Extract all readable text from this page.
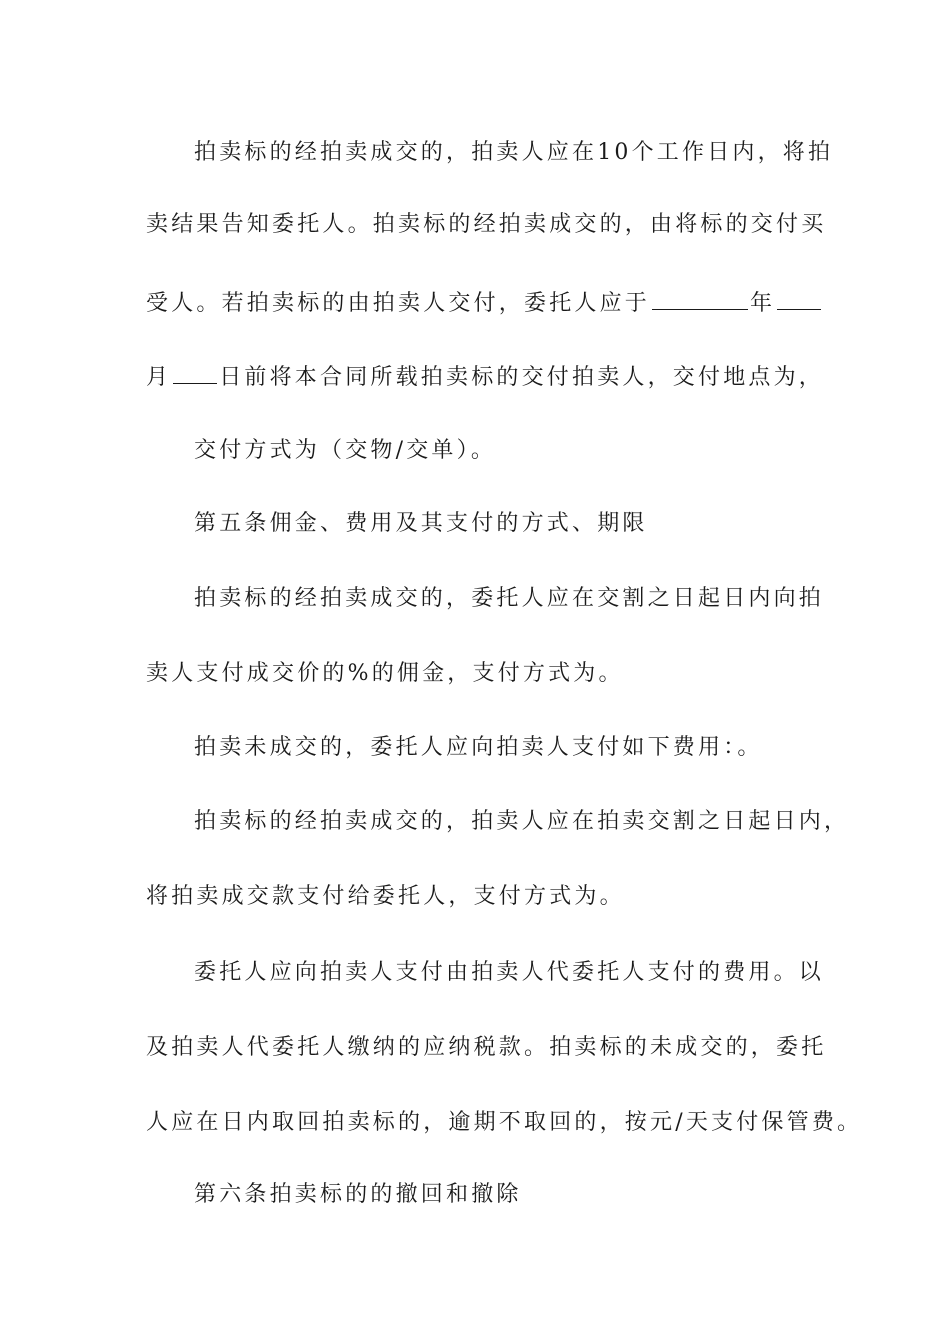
拍卖标的经拍卖成交的，拍卖人应在10个工作日内，将拍
卖结果告知委托人。拍卖标的经拍卖成交的，由将标的交付买
受人。若拍卖标的由拍卖人交付，委托人应于	年
月 日前将本合同所载拍卖标的交付拍卖人，交付地点为，
交付方式为（交物/交单）。
第五条佣金、费用及其支付的方式、期限
拍卖标的经拍卖成交的，委托人应在交割之日起日内向拍
卖人支付成交价的%的佣金，支付方式为。
拍卖未成交的，委托人应向拍卖人支付如下费用：。
拍卖标的经拍卖成交的，拍卖人应在拍卖交割之日起日内，
将拍卖成交款支付给委托人，支付方式为。
委托人应向拍卖人支付由拍卖人代委托人支付的费用。以
及拍卖人代委托人缴纳的应纳税款。拍卖标的未成交的，委托
人应在日内取回拍卖标的，逾期不取回的，按元/天支付保管费。
第六条拍卖标的的撤回和撤除
